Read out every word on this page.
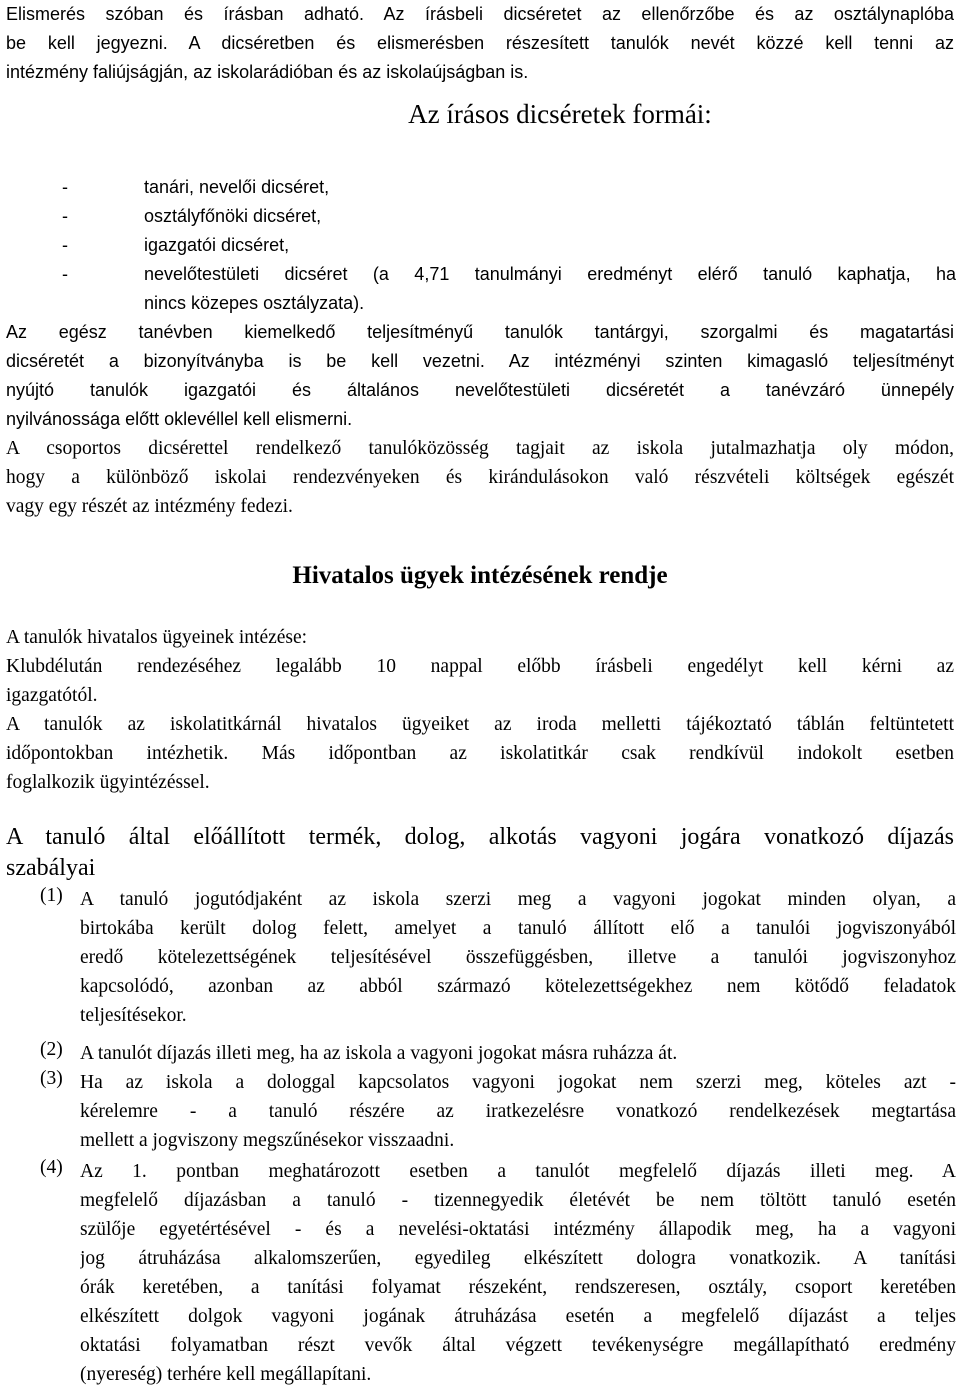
Elismerés szóban és írásban adható. Az írásbeli dicséretet az ellenőrzőbe és az osztálynaplóba
be kell jegyezni. A dicséretben és elismerésben részesített tanulók nevét közzé kell tenni az
intézmény faliújságján, az iskolarádióban és az iskolaújságban is.
Az írásos dicséretek formái:
-	tanári, nevelői dicséret,
-	osztályfőnöki dicséret,
-	igazgatói dicséret,
-	nevelőtestületi dicséret (a 4,71 tanulmányi eredményt elérő tanuló kaphatja, ha
nincs közepes osztályzata).
Az egész tanévben kiemelkedő teljesítményű tanulók tantárgyi, szorgalmi és magatartási
dicséretét a bizonyítványba is be kell vezetni. Az intézményi szinten kimagasló teljesítményt
nyújtó tanulók igazgatói és általános nevelőtestületi dicséretét a tanévzáró ünnepély
nyilvánossága előtt oklevéllel kell elismerni.
A csoportos dicsérettel rendelkező tanulóközösség tagjait az iskola jutalmazhatja oly módon,
hogy a különböző iskolai rendezvényeken és kirándulásokon való részvételi költségek egészét
vagy egy részét az intézmény fedezi.
Hivatalos ügyek intézésének rendje
A tanulók hivatalos ügyeinek intézése:
Klubdélután rendezéséhez legalább 10 nappal előbb írásbeli engedélyt kell kérni az
igazgatótól.
A tanulók az iskolatitkárnál hivatalos ügyeiket az iroda melletti tájékoztató táblán feltüntetett
időpontokban intézhetik. Más időpontban az iskolatitkár csak rendkívül indokolt esetben
foglalkozik ügyintézéssel.
A tanuló által előállított termék, dolog, alkotás vagyoni jogára vonatkozó díjazás
szabályai
(1) A tanuló jogutódjaként az iskola szerzi meg a vagyoni jogokat minden olyan, a
birtokába került dolog felett, amelyet a tanuló állított elő a tanulói jogviszonyából
eredő kötelezettségének teljesítésével összefüggésben, illetve a tanulói jogviszonyhoz
kapcsolódó, azonban az abból származó kötelezettségekhez nem kötődő feladatok
teljesítésekor.
(2) A tanulót díjazás illeti meg, ha az iskola a vagyoni jogokat másra ruházza át.
(3) Ha az iskola a dologgal kapcsolatos vagyoni jogokat nem szerzi meg, köteles azt -
kérelemre - a tanuló részére az iratkezelésre vonatkozó rendelkezések megtartása
mellett a jogviszony megszűnésekor visszaadni.
(4) Az 1. pontban meghatározott esetben a tanulót megfelelő díjazás illeti meg. A
megfelelő díjazásban a tanuló - tizennegyedik életévét be nem töltött tanuló esetén
szülője egyetértésével - és a nevelési-oktatási intézmény állapodik meg, ha a vagyoni
jog átruházása alkalomszerűen, egyedileg elkészített dologra vonatkozik. A tanítási
órák keretében, a tanítási folyamat részeként, rendszeresen, osztály, csoport keretében
elkészített dolgok vagyoni jogának átruházása esetén a megfelelő díjazást a teljes
oktatási folyamatban részt vevők által végzett tevékenységre megállapítható eredmény
(nyereség) terhére kell megállapítani.
